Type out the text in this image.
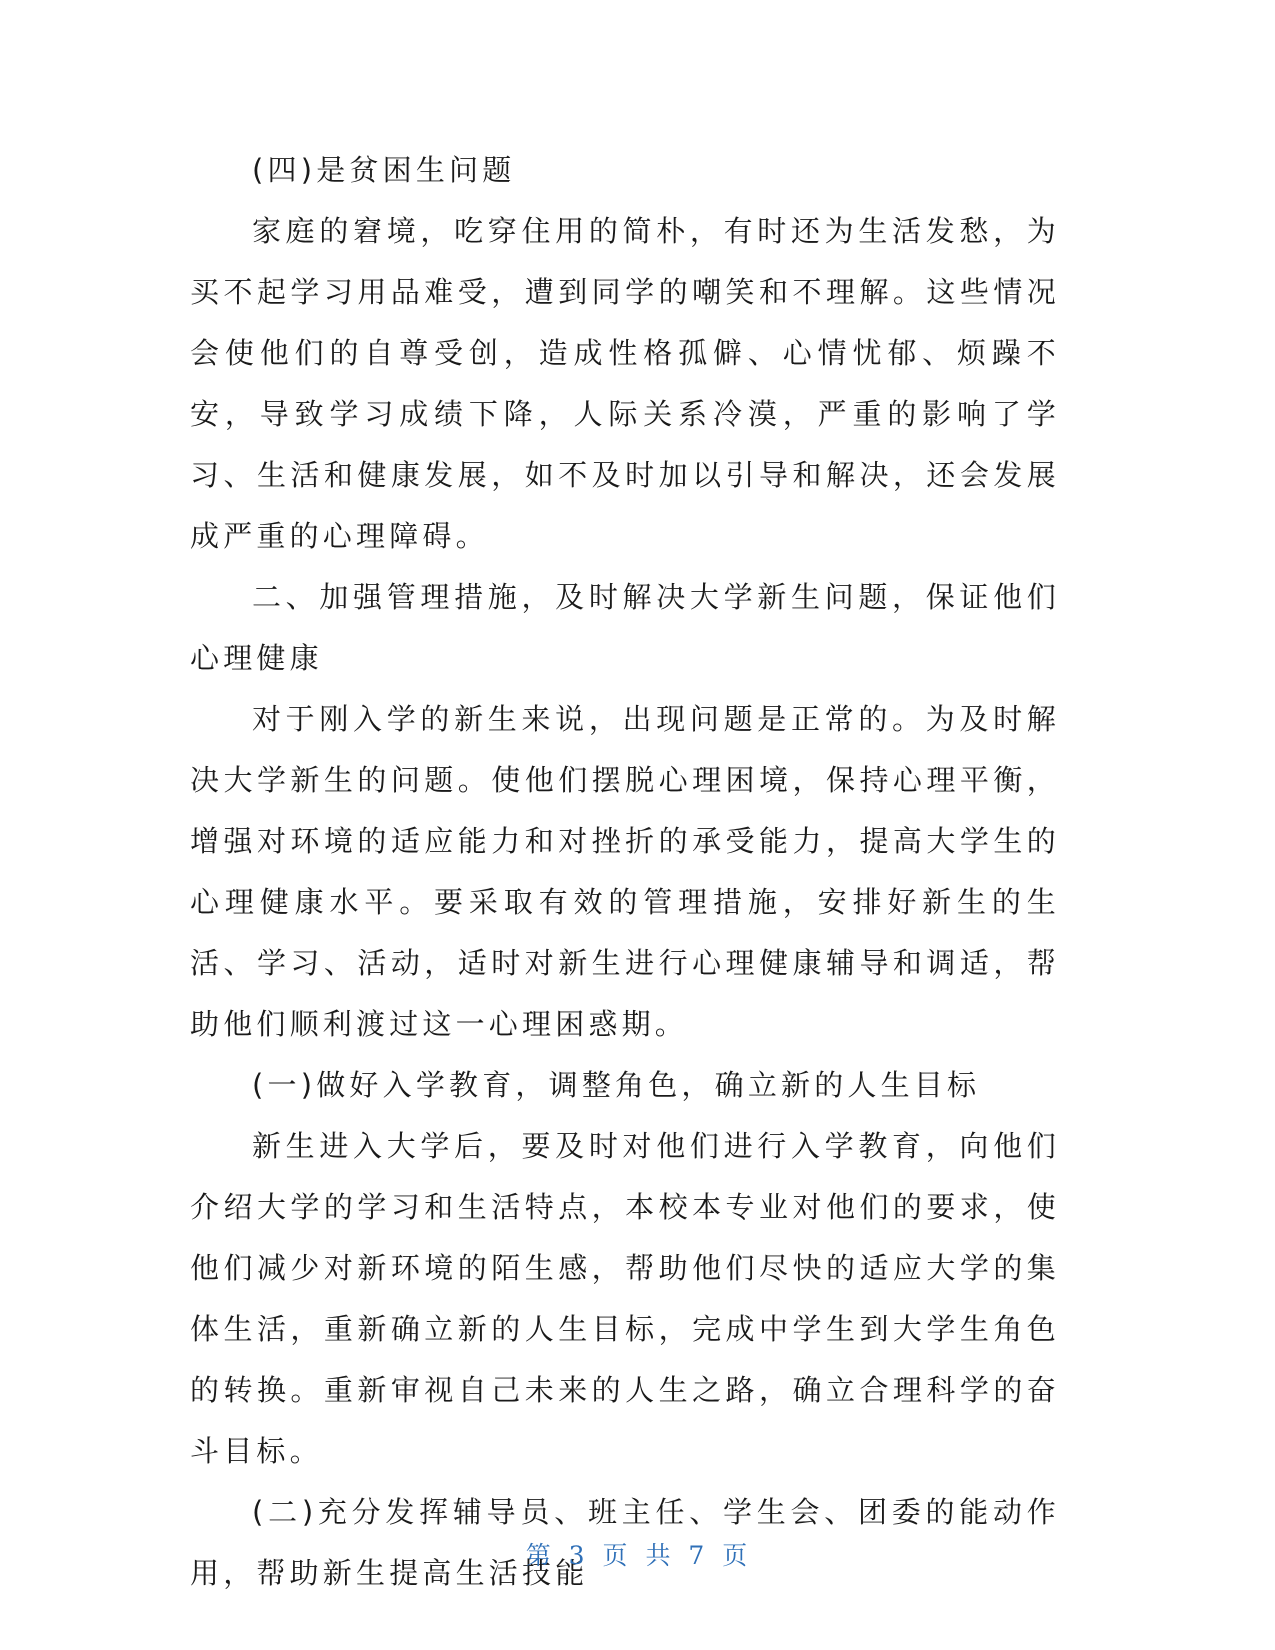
(四)是贫困生问题

家庭的窘境，吃穿住用的简朴，有时还为生活发愁，为买不起学习用品难受，遭到同学的嘲笑和不理解。这些情况会使他们的自尊受创，造成性格孤僻、心情忧郁、烦躁不安，导致学习成绩下降，人际关系冷漠，严重的影响了学习、生活和健康发展，如不及时加以引导和解决，还会发展成严重的心理障碍。

二、加强管理措施，及时解决大学新生问题，保证他们心理健康

对于刚入学的新生来说，出现问题是正常的。为及时解决大学新生的问题。使他们摆脱心理困境，保持心理平衡，增强对环境的适应能力和对挫折的承受能力，提高大学生的心理健康水平。要采取有效的管理措施，安排好新生的生活、学习、活动，适时对新生进行心理健康辅导和调适，帮助他们顺利渡过这一心理困惑期。

(一)做好入学教育，调整角色，确立新的人生目标

新生进入大学后，要及时对他们进行入学教育，向他们介绍大学的学习和生活特点，本校本专业对他们的要求，使他们减少对新环境的陌生感，帮助他们尽快的适应大学的集体生活，重新确立新的人生目标，完成中学生到大学生角色的转换。重新审视自己未来的人生之路，确立合理科学的奋斗目标。

(二)充分发挥辅导员、班主任、学生会、团委的能动作用，帮助新生提高生活技能

第 3 页 共 7 页
